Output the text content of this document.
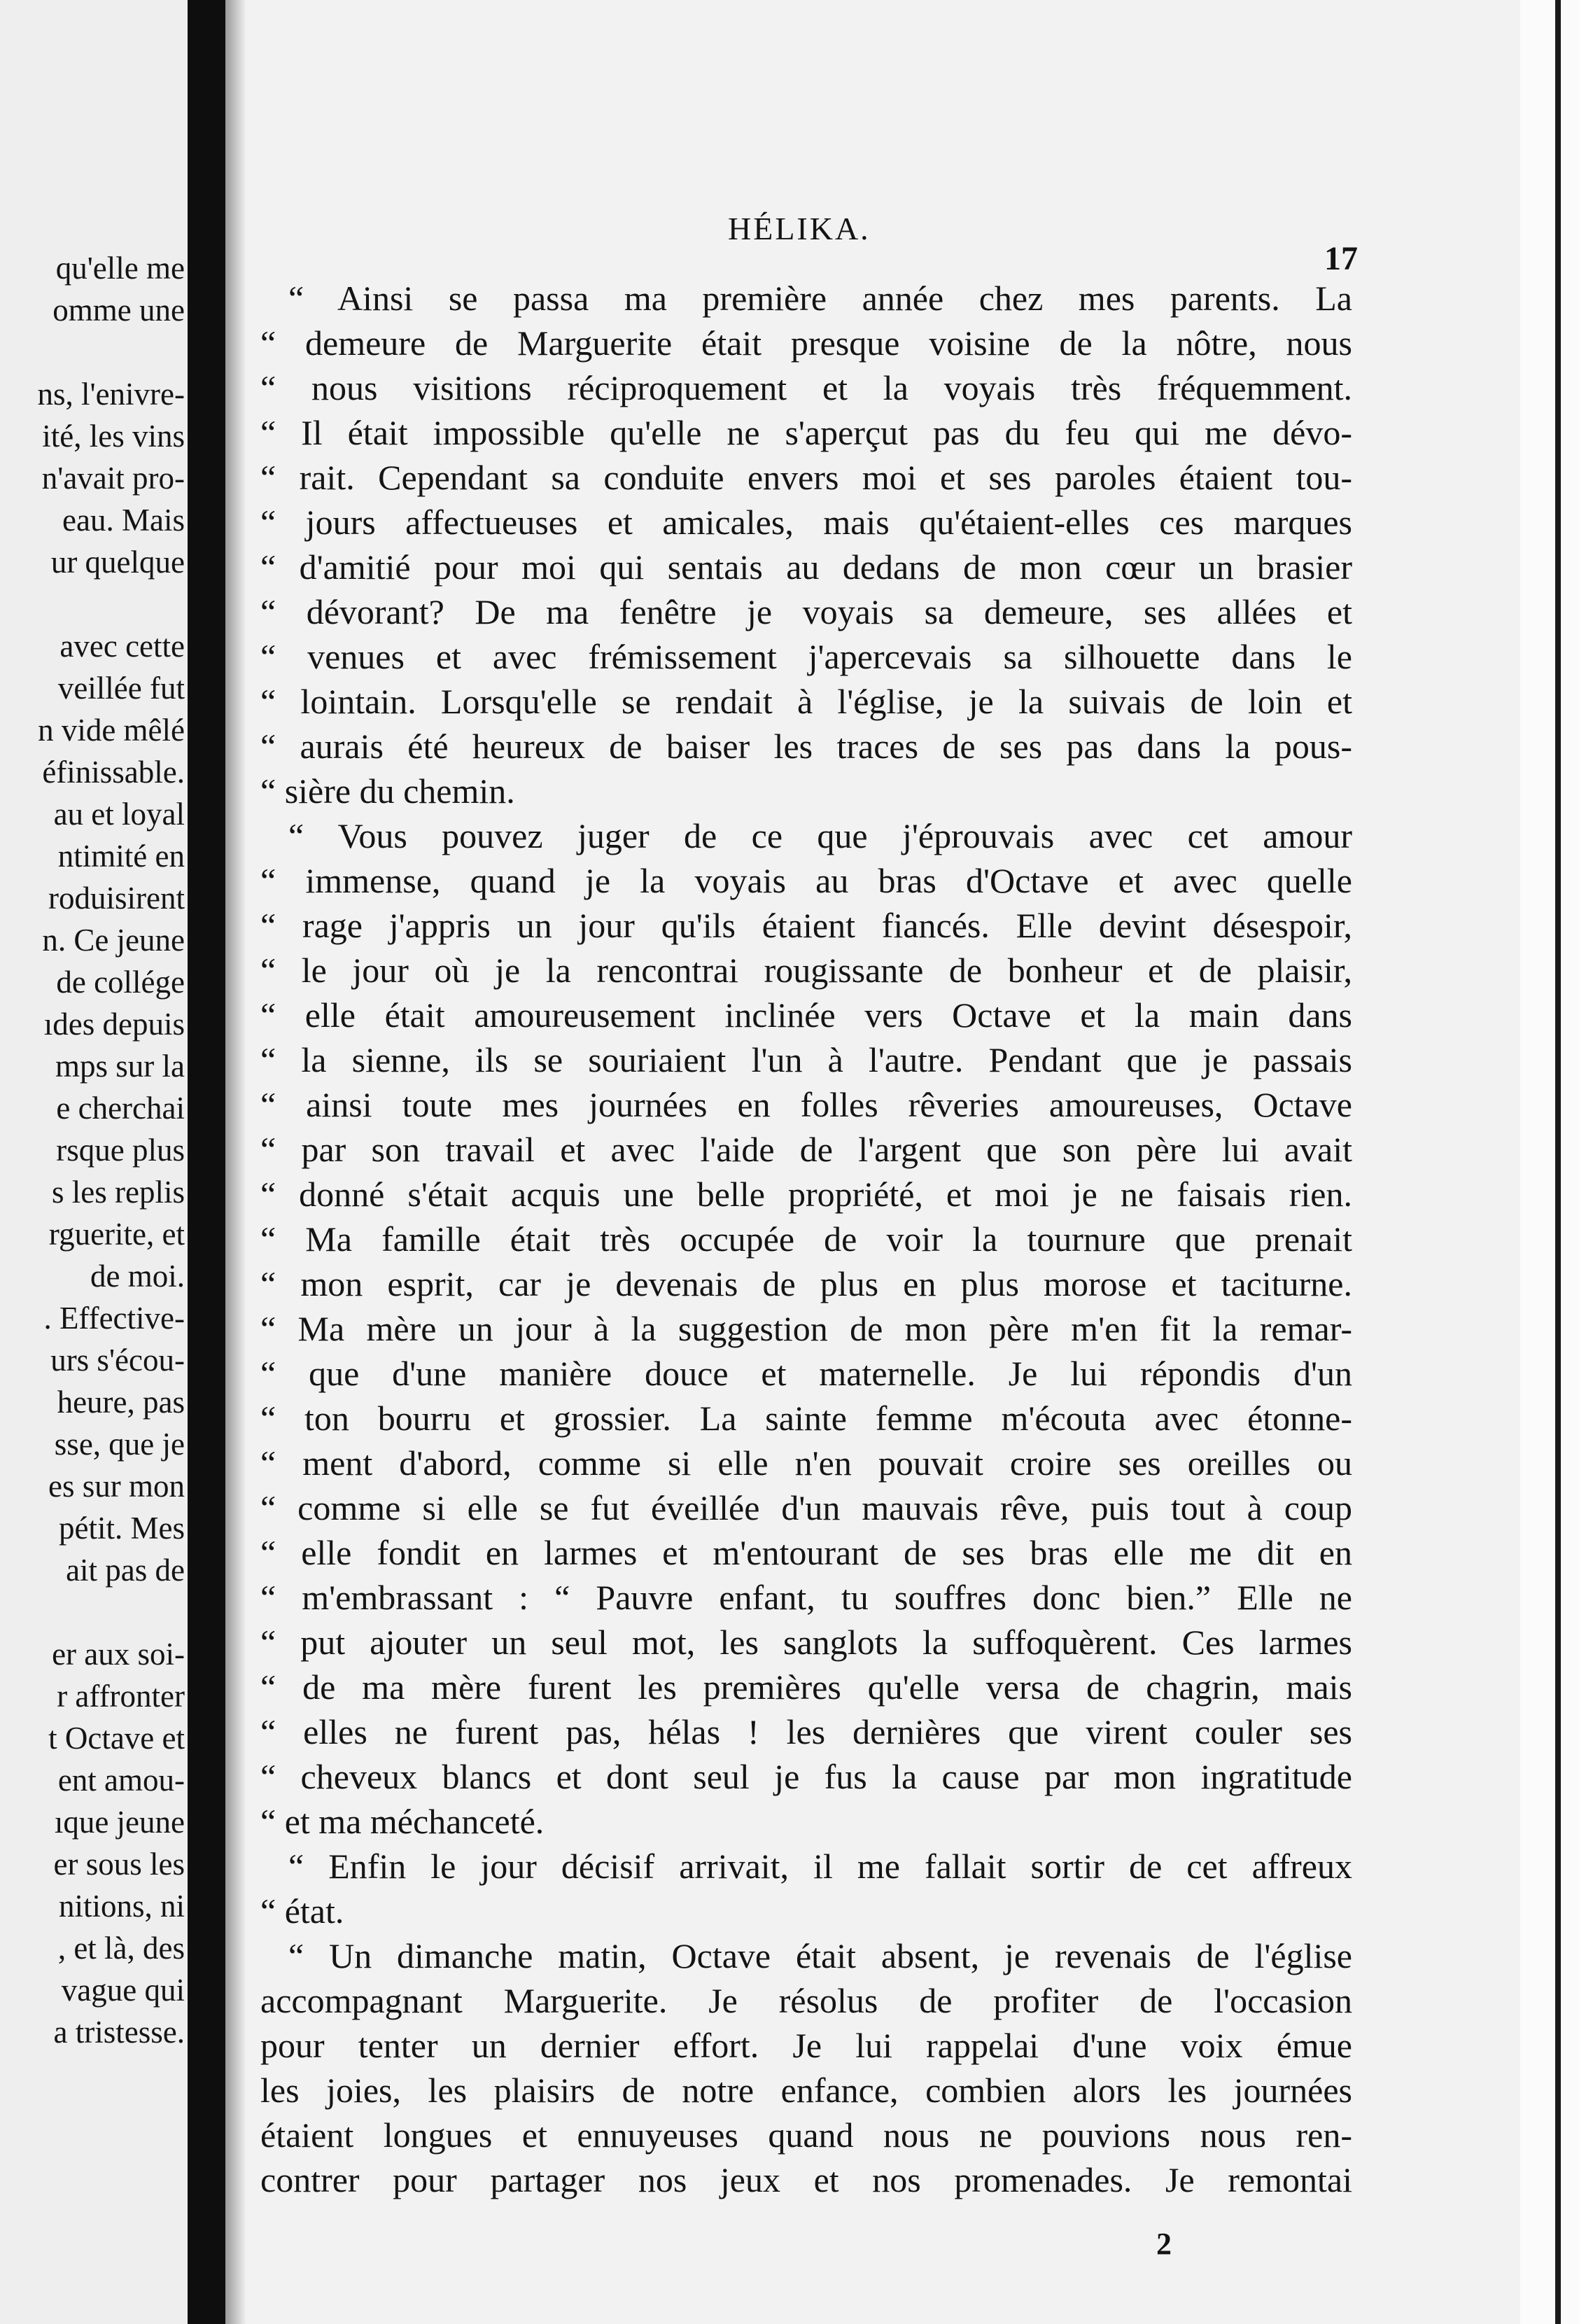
qu'elle me
omme une
ns, l'enivre-
ité, les vins
n'avait pro-
eau. Mais
ur quelque
avec cette
veillée fut
n vide mêlé
éfinissable.
au et loyal
ntimité en
roduisirent
n. Ce jeune
de collége
ıdes depuis
mps sur la
e cherchai
rsque plus
s les replis
rguerite, et
de moi.
. Effective-
urs s'écou-
heure, pas
sse, que je
es sur mon
pétit. Mes
ait pas de
er aux soi-
r affronter
t Octave et
ent amou-
ıque jeune
er sous les
nitions, ni
, et là, des
vague qui
a tristesse.
HÉLIKA.
17
“ Ainsi se passa ma première année chez mes parents. La
“ demeure de Marguerite était presque voisine de la nôtre, nous
“ nous visitions réciproquement et la voyais très fréquemment.
“ Il était impossible qu'elle ne s'aperçut pas du feu qui me dévo-
“ rait. Cependant sa conduite envers moi et ses paroles étaient tou-
“ jours affectueuses et amicales, mais qu'étaient-elles ces marques
“ d'amitié pour moi qui sentais au dedans de mon cœur un brasier
“ dévorant? De ma fenêtre je voyais sa demeure, ses allées et
“ venues et avec frémissement j'apercevais sa silhouette dans le
“ lointain. Lorsqu'elle se rendait à l'église, je la suivais de loin et
“ aurais été heureux de baiser les traces de ses pas dans la pous-
“ sière du chemin.
“ Vous pouvez juger de ce que j'éprouvais avec cet amour
“ immense, quand je la voyais au bras d'Octave et avec quelle
“ rage j'appris un jour qu'ils étaient fiancés. Elle devint désespoir,
“ le jour où je la rencontrai rougissante de bonheur et de plaisir,
“ elle était amoureusement inclinée vers Octave et la main dans
“ la sienne, ils se souriaient l'un à l'autre. Pendant que je passais
“ ainsi toute mes journées en folles rêveries amoureuses, Octave
“ par son travail et avec l'aide de l'argent que son père lui avait
“ donné s'était acquis une belle propriété, et moi je ne faisais rien.
“ Ma famille était très occupée de voir la tournure que prenait
“ mon esprit, car je devenais de plus en plus morose et taciturne.
“ Ma mère un jour à la suggestion de mon père m'en fit la remar-
“ que d'une manière douce et maternelle. Je lui répondis d'un
“ ton bourru et grossier. La sainte femme m'écouta avec étonne-
“ ment d'abord, comme si elle n'en pouvait croire ses oreilles ou
“ comme si elle se fut éveillée d'un mauvais rêve, puis tout à coup
“ elle fondit en larmes et m'entourant de ses bras elle me dit en
“ m'embrassant : “ Pauvre enfant, tu souffres donc bien.” Elle ne
“ put ajouter un seul mot, les sanglots la suffoquèrent. Ces larmes
“ de ma mère furent les premières qu'elle versa de chagrin, mais
“ elles ne furent pas, hélas ! les dernières que virent couler ses
“ cheveux blancs et dont seul je fus la cause par mon ingratitude
“ et ma méchanceté.
“ Enfin le jour décisif arrivait, il me fallait sortir de cet affreux
“ état.
“ Un dimanche matin, Octave était absent, je revenais de l'église
accompagnant Marguerite. Je résolus de profiter de l'occasion
pour tenter un dernier effort. Je lui rappelai d'une voix émue
les joies, les plaisirs de notre enfance, combien alors les journées
étaient longues et ennuyeuses quand nous ne pouvions nous ren-
contrer pour partager nos jeux et nos promenades. Je remontai
2
